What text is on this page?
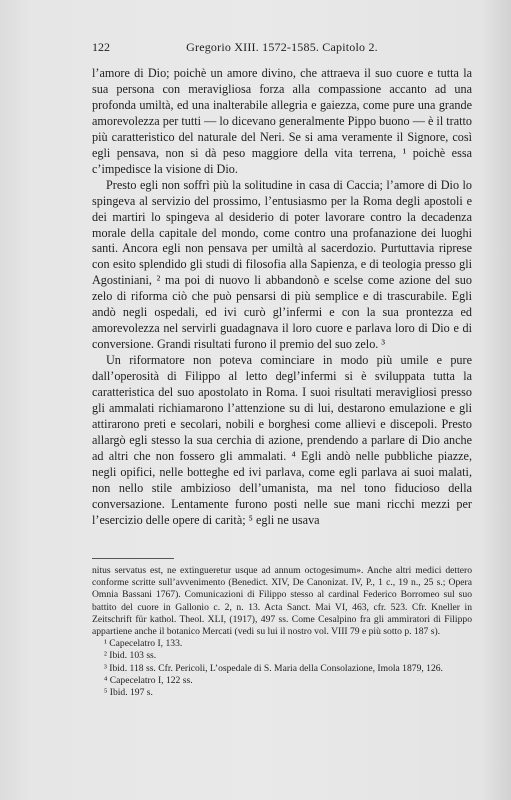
122	Gregorio XIII. 1572-1585. Capitolo 2.

l’amore di Dio; poichè un amore divino, che attraeva il suo cuore e tutta la sua persona con meravigliosa forza alla compassione accanto ad una profonda umiltà, ed una inalterabile allegria e gaiezza, come pure una grande amorevolezza per tutti — lo dicevano generalmente Pippo buono — è il tratto più caratteristico del naturale del Neri. Se si ama veramente il Signore, così egli pensava, non si dà peso maggiore della vita terrena, ¹ poichè essa c’impedisce la visione di Dio.

Presto egli non soffrì più la solitudine in casa di Caccia; l’amore di Dio lo spingeva al servizio del prossimo, l’entusiasmo per la Roma degli apostoli e dei martiri lo spingeva al desiderio di poter lavorare contro la decadenza morale della capitale del mondo, come contro una profanazione dei luoghi santi. Ancora egli non pensava per umiltà al sacerdozio. Purtuttavia riprese con esito splendido gli studi di filosofia alla Sapienza, e di teologia presso gli Agostiniani, ² ma poi di nuovo li abbandonò e scelse come azione del suo zelo di riforma ciò che può pensarsi di più semplice e di trascurabile. Egli andò negli ospedali, ed ivi curò gl’infermi e con la sua prontezza ed amorevolezza nel servirli guadagnava il loro cuore e parlava loro di Dio e di conversione. Grandi risultati furono il premio del suo zelo. ³

Un riformatore non poteva cominciare in modo più umile e pure dall’operosità di Filippo al letto degl’infermi si è sviluppata tutta la caratteristica del suo apostolato in Roma. I suoi risultati meravigliosi presso gli ammalati richiamarono l’attenzione su di lui, destarono emulazione e gli attirarono preti e secolari, nobili e borghesi come allievi e discepoli. Presto allargò egli stesso la sua cerchia di azione, prendendo a parlare di Dio anche ad altri che non fossero gli ammalati. ⁴ Egli andò nelle pubbliche piazze, negli opifici, nelle botteghe ed ivi parlava, come egli parlava ai suoi malati, non nello stile ambizioso dell’umanista, ma nel tono fiducioso della conversazione. Lentamente furono posti nelle sue mani ricchi mezzi per l’esercizio delle opere di carità; ⁵ egli ne usava

nitus servatus est, ne extingueretur usque ad annum octogesimum». Anche altri medici dettero conforme scritte sull’avvenimento (Benedict. XIV, De Canonizat. IV, P., 1 c., 19 n., 25 s.; Opera Omnia Bassani 1767). Comunicazioni di Filippo stesso al cardinal Federico Borromeo sul suo battito del cuore in Gallonio c. 2, n. 13. Acta Sanct. Mai VI, 463, cfr. 523. Cfr. Kneller in Zeitschrift für kathol. Theol. XLI, (1917), 497 ss. Come Cesalpino fra gli ammiratori di Filippo appartiene anche il botanico Mercati (vedi su lui il nostro vol. VIII 79 e più sotto p. 187 s).

¹ Capecelatro I, 133.

² Ibid. 103 ss.

³ Ibid. 118 ss. Cfr. Pericoli, L’ospedale di S. Maria della Consolazione, Imola 1879, 126.

⁴ Capecelatro I, 122 ss.

⁵ Ibid. 197 s.
